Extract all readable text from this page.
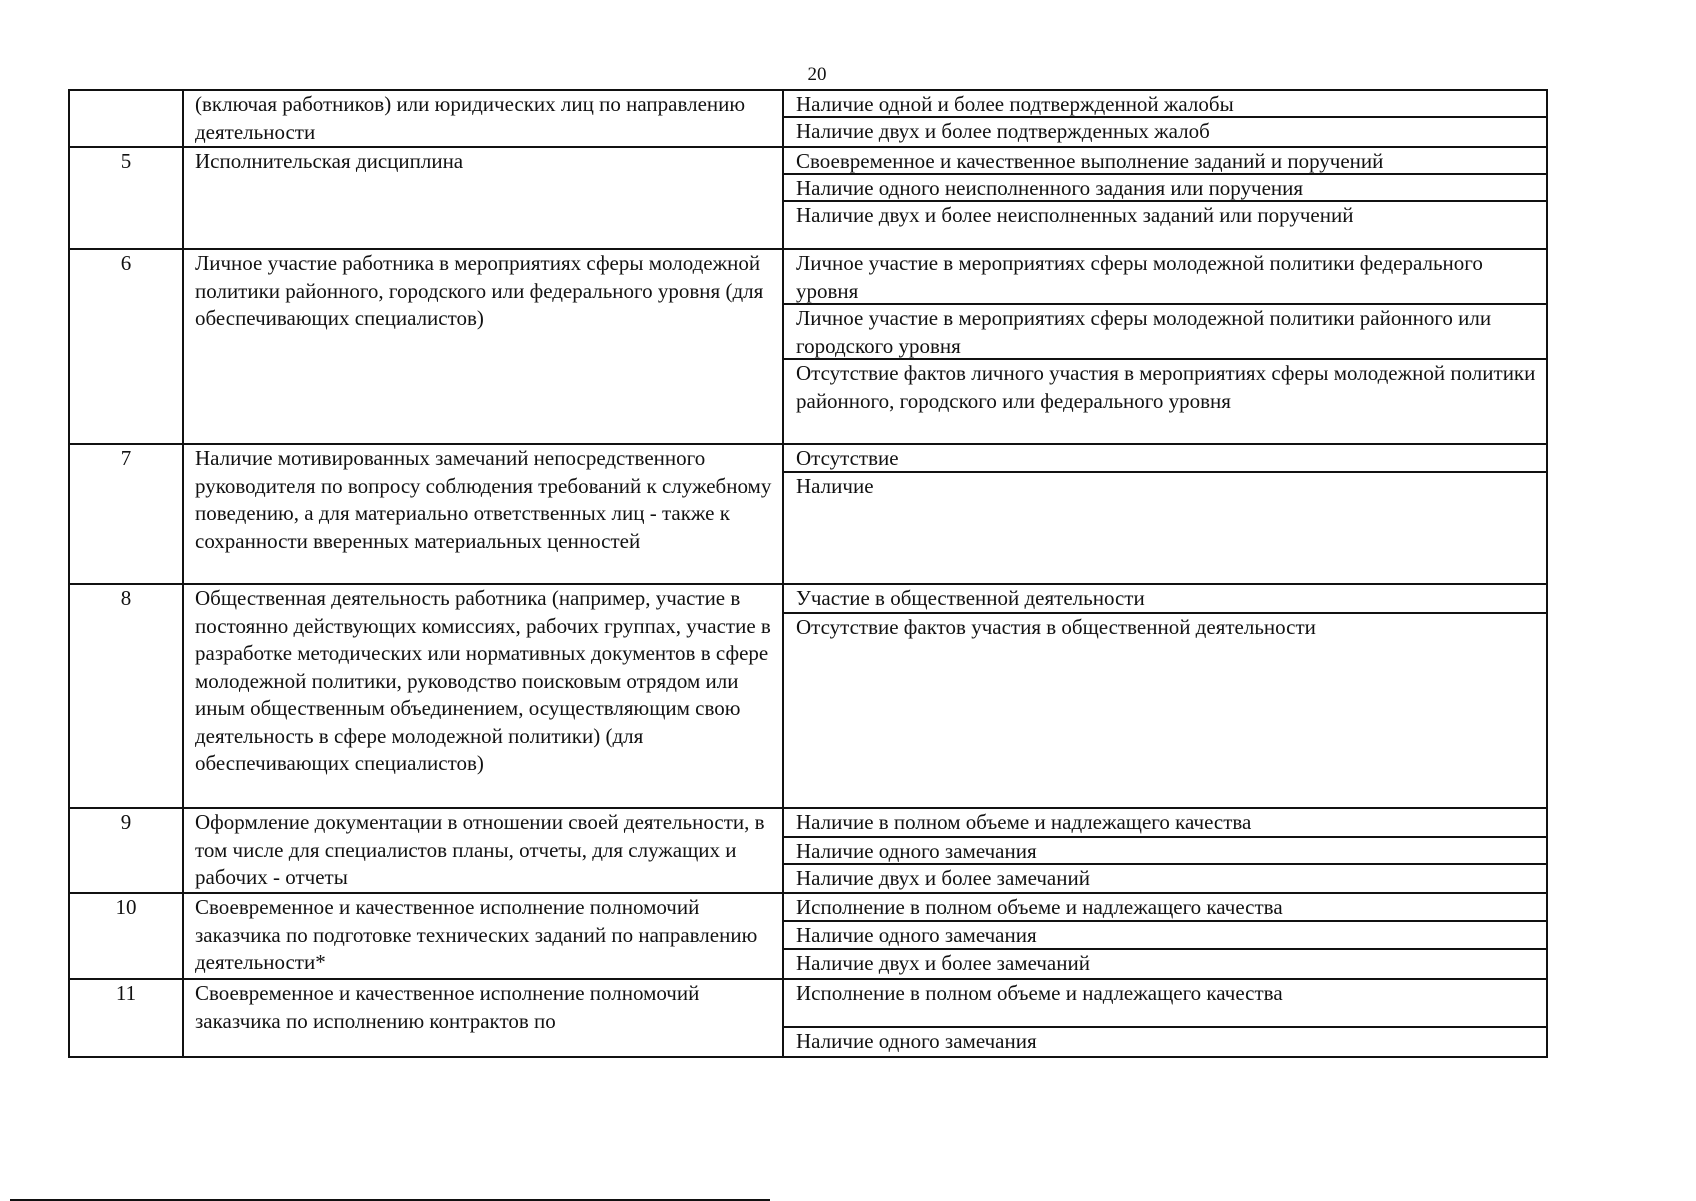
20

	(включая работников) или юридических лиц по направлению деятельности	Наличие одной и более подтвержденной жалобы
Наличие двух и более подтвержденных жалоб

5	Исполнительская дисциплина	Своевременное и качественное выполнение заданий и поручений
Наличие одного неисполненного задания или поручения
Наличие двух и более неисполненных заданий или поручений

6	Личное участие работника в мероприятиях сферы молодежной политики районного, городского или федерального уровня (для обеспечивающих специалистов)	Личное участие в мероприятиях сферы молодежной политики федерального уровня
Личное участие в мероприятиях сферы молодежной политики районного или городского уровня
Отсутствие фактов личного участия в мероприятиях сферы молодежной политики районного, городского или федерального уровня

7	Наличие мотивированных замечаний непосредственного руководителя по вопросу соблюдения требований к служебному поведению, а для материально ответственных лиц - также к сохранности вверенных материальных ценностей	Отсутствие
Наличие

8	Общественная деятельность работника (например, участие в постоянно действующих комиссиях, рабочих группах, участие в разработке методических или нормативных документов в сфере молодежной политики, руководство поисковым отрядом или иным общественным объединением, осуществляющим свою деятельность в сфере молодежной политики) (для обеспечивающих специалистов)	Участие в общественной деятельности
Отсутствие фактов участия в общественной деятельности

9	Оформление документации в отношении своей деятельности, в том числе для специалистов планы, отчеты, для служащих и рабочих - отчеты	Наличие в полном объеме и надлежащего качества
Наличие одного замечания
Наличие двух и более замечаний

10	Своевременное и качественное исполнение полномочий заказчика по подготовке технических заданий по направлению деятельности*	Исполнение в полном объеме и надлежащего качества
Наличие одного замечания
Наличие двух и более замечаний

11	Своевременное и качественное исполнение полномочий заказчика по исполнению контрактов по	Исполнение в полном объеме и надлежащего качества
Наличие одного замечания
